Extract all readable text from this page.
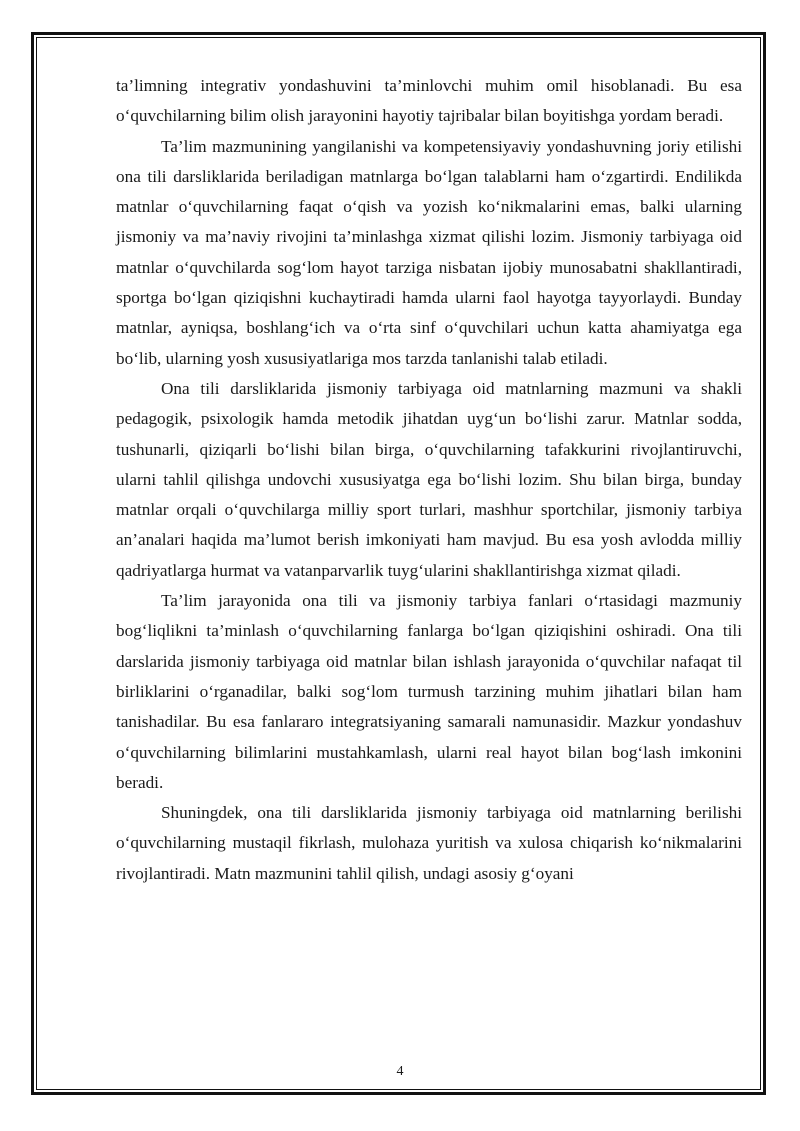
ta’limning integrativ yondashuvini ta’minlovchi muhim omil hisoblanadi. Bu esa o‘quvchilarning bilim olish jarayonini hayotiy tajribalar bilan boyitishga yordam beradi.

Ta’lim mazmunining yangilanishi va kompetensiyaviy yondashuvning joriy etilishi ona tili darsliklarida beriladigan matnlarga bo‘lgan talablarni ham o‘zgartirdi. Endilikda matnlar o‘quvchilarning faqat o‘qish va yozish ko‘nikmalarini emas, balki ularning jismoniy va ma’naviy rivojini ta’minlashga xizmat qilishi lozim. Jismoniy tarbiyaga oid matnlar o‘quvchilarda sog‘lom hayot tarziga nisbatan ijobiy munosabatni shakllantiradi, sportga bo‘lgan qiziqishni kuchaytiradi hamda ularni faol hayotga tayyorlaydi. Bunday matnlar, ayniqsa, boshlang‘ich va o‘rta sinf o‘quvchilari uchun katta ahamiyatga ega bo‘lib, ularning yosh xususiyatlariga mos tarzda tanlanishi talab etiladi.

Ona tili darsliklarida jismoniy tarbiyaga oid matnlarning mazmuni va shakli pedagogik, psixologik hamda metodik jihatdan uyg‘un bo‘lishi zarur. Matnlar sodda, tushunarli, qiziqarli bo‘lishi bilan birga, o‘quvchilarning tafakkurini rivojlantiruvchi, ularni tahlil qilishga undovchi xususiyatga ega bo‘lishi lozim. Shu bilan birga, bunday matnlar orqali o‘quvchilarga milliy sport turlari, mashhur sportchilar, jismoniy tarbiya an’analari haqida ma’lumot berish imkoniyati ham mavjud. Bu esa yosh avlodda milliy qadriyatlarga hurmat va vatanparvarlik tuyg‘ularini shakllantirishga xizmat qiladi.

Ta’lim jarayonida ona tili va jismoniy tarbiya fanlari o‘rtasidagi mazmuniy bog‘liqlikni ta’minlash o‘quvchilarning fanlarga bo‘lgan qiziqishini oshiradi. Ona tili darslarida jismoniy tarbiyaga oid matnlar bilan ishlash jarayonida o‘quvchilar nafaqat til birliklarini o‘rganadilar, balki sog‘lom turmush tarzining muhim jihatlari bilan ham tanishadilar. Bu esa fanlararo integratsiyaning samarali namunasidir. Mazkur yondashuv o‘quvchilarning bilimlarini mustahkamlash, ularni real hayot bilan bog‘lash imkonini beradi.

Shuningdek, ona tili darsliklarida jismoniy tarbiyaga oid matnlarning berilishi o‘quvchilarning mustaqil fikrlash, mulohaza yuritish va xulosa chiqarish ko‘nikmalarini rivojlantiradi. Matn mazmunini tahlil qilish, undagi asosiy g‘oyani

4
